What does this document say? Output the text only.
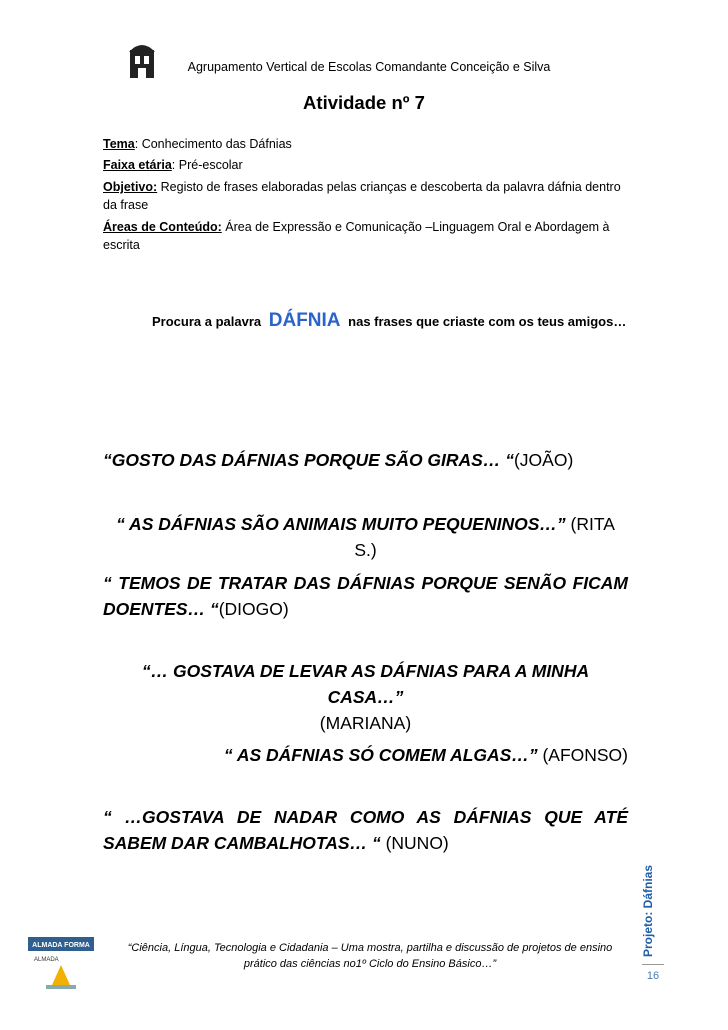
Agrupamento Vertical de Escolas Comandante Conceição e Silva
Atividade nº 7
Tema: Conhecimento das Dáfnias
Faixa etária: Pré-escolar
Objetivo: Registo de frases elaboradas pelas crianças e descoberta da palavra dáfnia dentro da frase
Áreas de Conteúdo: Área de Expressão e Comunicação –Linguagem Oral e Abordagem à escrita
Procura a palavra DÁFNIA nas frases que criaste com os teus amigos…
“GOSTO DAS DÁFNIAS PORQUE SÃO GIRAS… “(JOÃO)
“ AS DÁFNIAS SÃO ANIMAIS MUITO PEQUENINOS…” (RITA S.)
“ TEMOS DE TRATAR DAS DÁFNIAS PORQUE SENÃO FICAM DOENTES… “(DIOGO)
“… GOSTAVA DE LEVAR AS DÁFNIAS PARA A MINHA CASA…”
(MARIANA)
“ AS DÁFNIAS SÓ COMEM ALGAS…” (AFONSO)
“ …GOSTAVA DE NADAR COMO AS DÁFNIAS QUE ATÉ SABEM DAR CAMBALHOTAS… “ (NUNO)
ALMADA FORMA
ALMADA
“Ciência, Língua, Tecnologia e Cidadania – Uma mostra, partilha e discussão de projetos de ensino
prático das ciências no1º Ciclo do Ensino Básico…”
Projeto: Dáfnias
16
